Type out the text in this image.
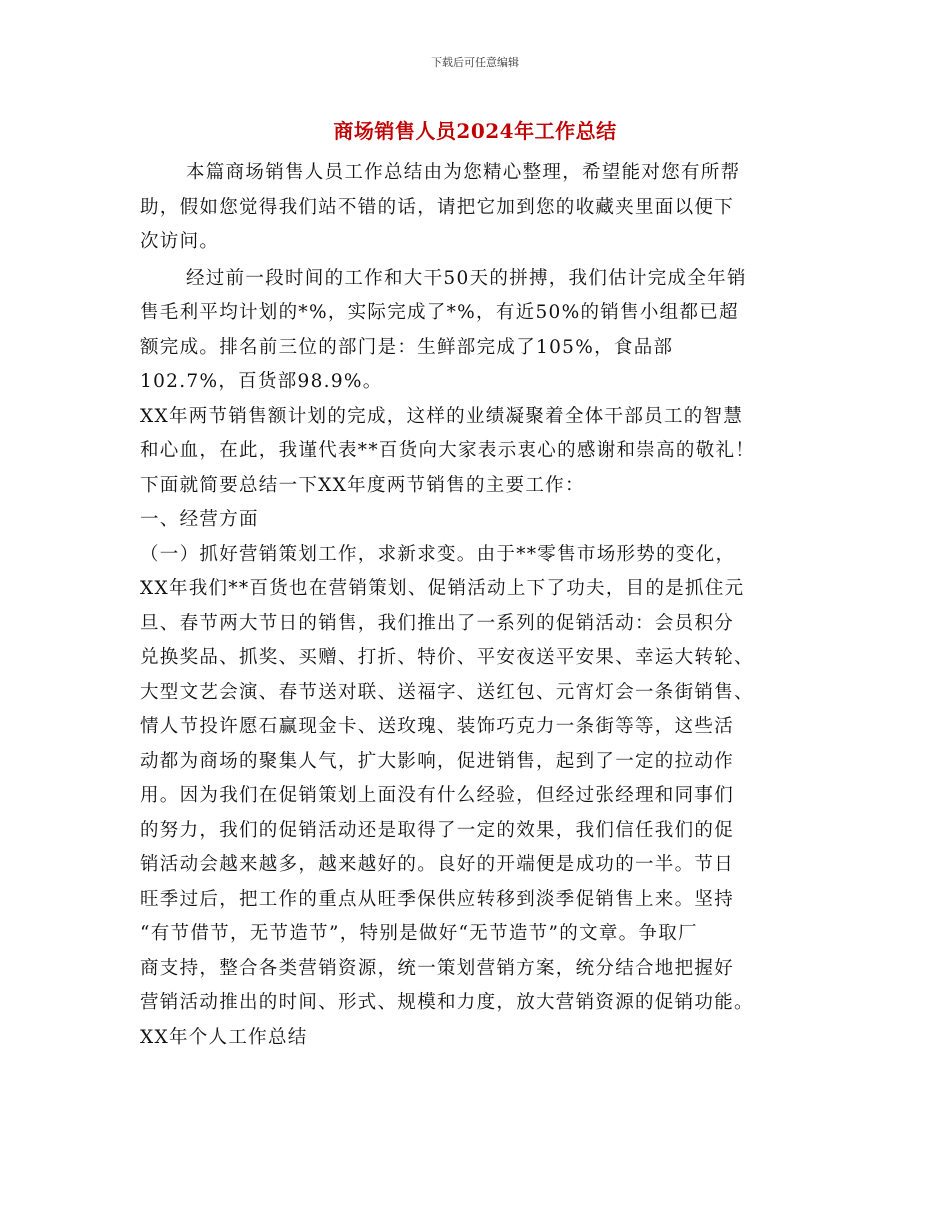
下载后可任意编辑
商场销售人员2024年工作总结
本篇商场销售人员工作总结由为您精心整理，希望能对您有所帮
助，假如您觉得我们站不错的话，请把它加到您的收藏夹里面以便下
次访问。
经过前一段时间的工作和大干50天的拼搏，我们估计完成全年销
售毛利平均计划的*%，实际完成了*%，有近50%的销售小组都已超
额完成。排名前三位的部门是：生鲜部完成了105%，食品部
102.7%，百货部98.9%。
XX年两节销售额计划的完成，这样的业绩凝聚着全体干部员工的智慧
和心血，在此，我谨代表**百货向大家表示衷心的感谢和崇高的敬礼！
下面就简要总结一下XX年度两节销售的主要工作：
一、经营方面
（一）抓好营销策划工作，求新求变。由于**零售市场形势的变化，
XX年我们**百货也在营销策划、促销活动上下了功夫，目的是抓住元
旦、春节两大节日的销售，我们推出了一系列的促销活动：会员积分
兑换奖品、抓奖、买赠、打折、特价、平安夜送平安果、幸运大转轮、
大型文艺会演、春节送对联、送福字、送红包、元宵灯会一条街销售、
情人节投许愿石赢现金卡、送玫瑰、装饰巧克力一条街等等，这些活
动都为商场的聚集人气，扩大影响，促进销售，起到了一定的拉动作
用。因为我们在促销策划上面没有什么经验，但经过张经理和同事们
的努力，我们的促销活动还是取得了一定的效果，我们信任我们的促
销活动会越来越多，越来越好的。良好的开端便是成功的一半。节日
旺季过后，把工作的重点从旺季保供应转移到淡季促销售上来。坚持
“有节借节，无节造节”，特别是做好“无节造节”的文章。争取厂
商支持，整合各类营销资源，统一策划营销方案，统分结合地把握好
营销活动推出的时间、形式、规模和力度，放大营销资源的促销功能。
XX年个人工作总结
